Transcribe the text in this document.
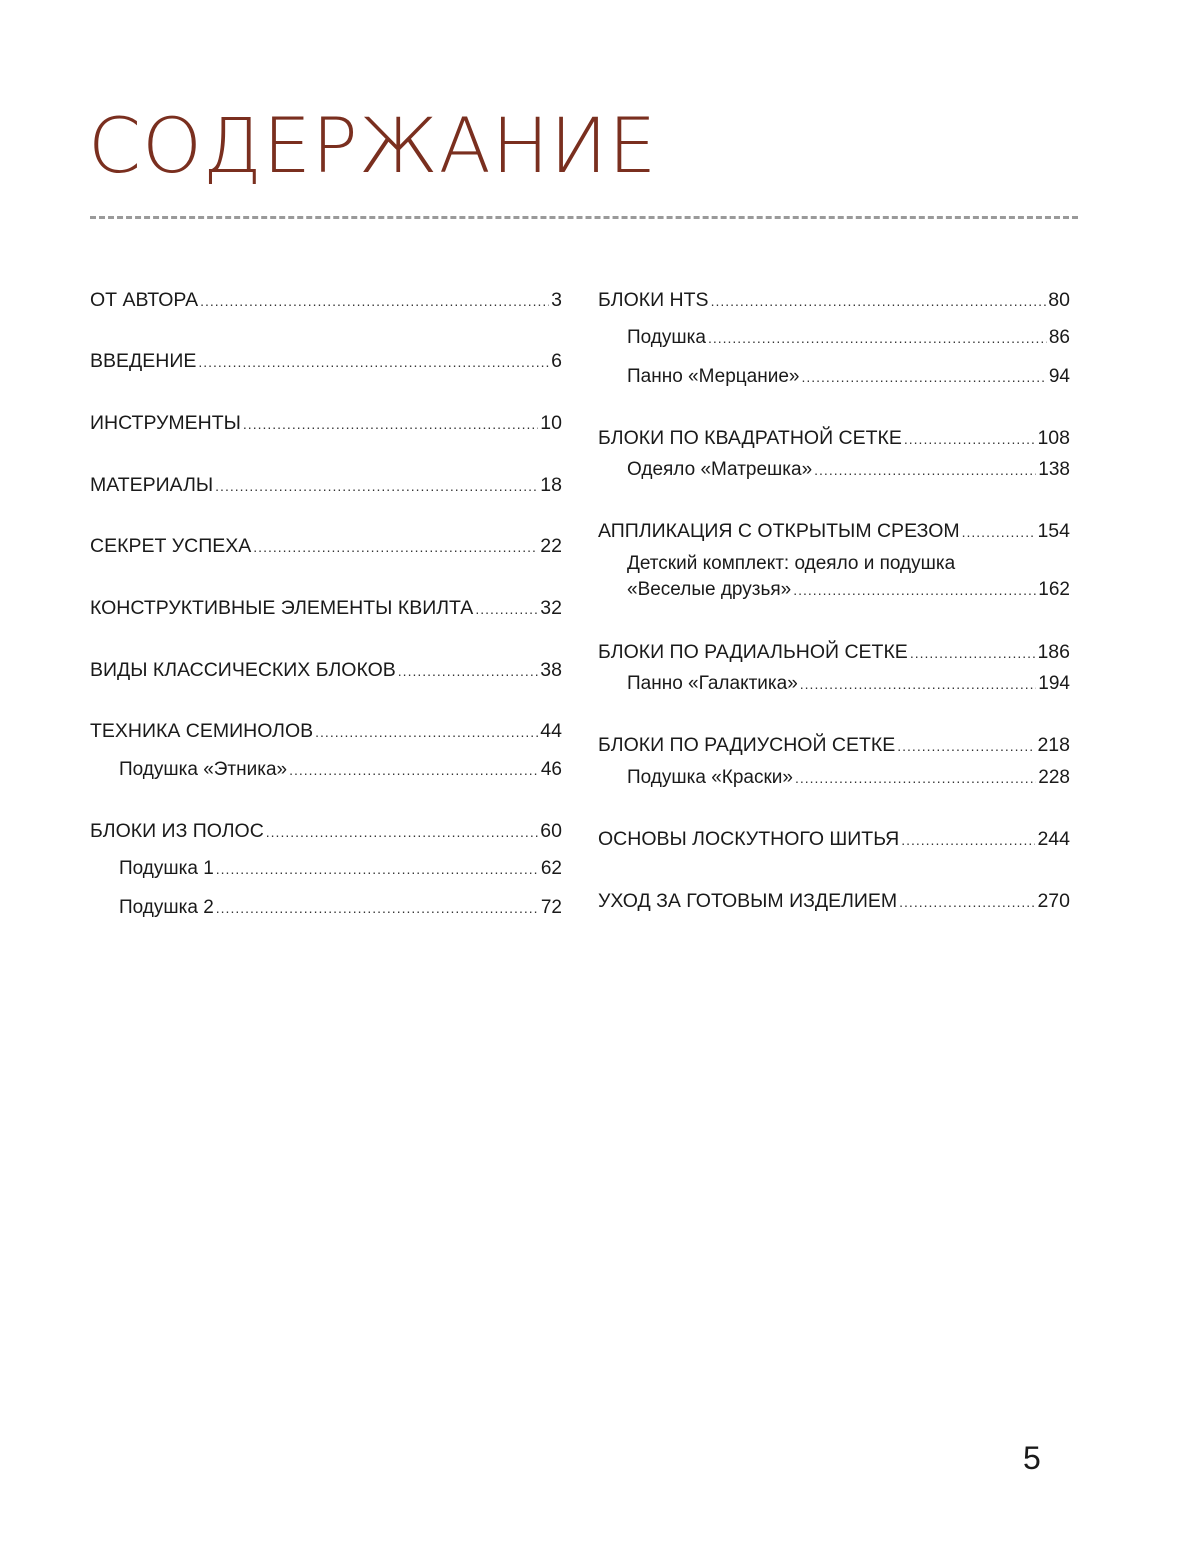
СОДЕРЖАНИЕ
ОТ АВТОРА .....	3
ВВЕДЕНИЕ .....	6
ИНСТРУМЕНТЫ .....	10
МАТЕРИАЛЫ .....	18
СЕКРЕТ УСПЕХА .....	22
КОНСТРУКТИВНЫЕ ЭЛЕМЕНТЫ КВИЛТА .....	32
ВИДЫ КЛАССИЧЕСКИХ БЛОКОВ .....	38
ТЕХНИКА СЕМИНОЛОВ .....	44
Подушка «Этника» .....	46
БЛОКИ ИЗ ПОЛОС .....	60
Подушка 1 .....	62
Подушка 2 .....	72
БЛОКИ HTS .....	80
Подушка .....	86
Панно «Мерцание» .....	94
БЛОКИ ПО КВАДРАТНОЙ СЕТКЕ .....	108
Одеяло «Матрешка» .....	138
АППЛИКАЦИЯ С ОТКРЫТЫМ СРЕЗОМ .....	154
Детский комплект: одеяло и подушка
«Веселые друзья» .....	162
БЛОКИ ПО РАДИАЛЬНОЙ СЕТКЕ .....	186
Панно «Галактика» .....	194
БЛОКИ ПО РАДИУСНОЙ СЕТКЕ .....	218
Подушка «Краски» .....	228
ОСНОВЫ ЛОСКУТНОГО ШИТЬЯ .....	244
УХОД ЗА ГОТОВЫМ ИЗДЕЛИЕМ .....	270
5
